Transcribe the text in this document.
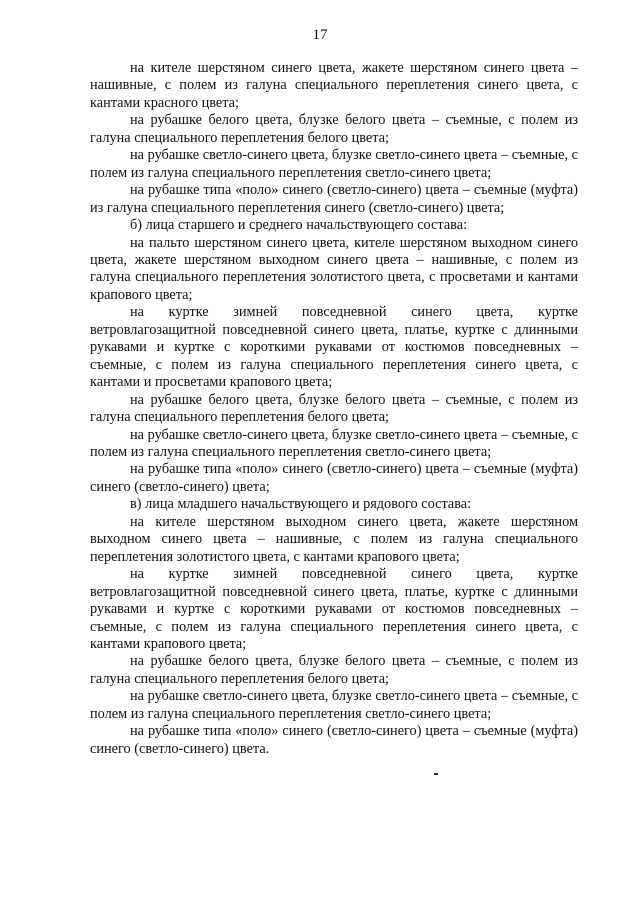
17

на кителе шерстяном синего цвета, жакете шерстяном синего цвета – нашивные, с полем из галуна специального переплетения синего цвета, с кантами красного цвета;

на рубашке белого цвета, блузке белого цвета – съемные, с полем из галуна специального переплетения белого цвета;

на рубашке светло-синего цвета, блузке светло-синего цвета – съемные, с полем из галуна специального переплетения светло-синего цвета;

на рубашке типа «поло» синего (светло-синего) цвета – съемные (муфта) из галуна специального переплетения синего (светло-синего) цвета;

б) лица старшего и среднего начальствующего состава:

на пальто шерстяном синего цвета, кителе шерстяном выходном синего цвета, жакете шерстяном выходном синего цвета – нашивные, с полем из галуна специального переплетения золотистого цвета, с просветами и кантами крапового цвета;

на куртке зимней повседневной синего цвета, куртке ветровлагозащитной повседневной синего цвета, платье, куртке с длинными рукавами и куртке с короткими рукавами от костюмов повседневных – съемные, с полем из галуна специального переплетения синего цвета, с кантами и просветами крапового цвета;

на рубашке белого цвета, блузке белого цвета – съемные, с полем из галуна специального переплетения белого цвета;

на рубашке светло-синего цвета, блузке светло-синего цвета – съемные, с полем из галуна специального переплетения светло-синего цвета;

на рубашке типа «поло» синего (светло-синего) цвета – съемные (муфта) синего (светло-синего) цвета;

в) лица младшего начальствующего и рядового состава:

на кителе шерстяном выходном синего цвета, жакете шерстяном выходном синего цвета – нашивные, с полем из галуна специального переплетения золотистого цвета, с кантами крапового цвета;

на куртке зимней повседневной синего цвета, куртке ветровлагозащитной повседневной синего цвета, платье, куртке с длинными рукавами и куртке с короткими рукавами от костюмов повседневных – съемные, с полем из галуна специального переплетения синего цвета, с кантами крапового цвета;

на рубашке белого цвета, блузке белого цвета – съемные, с полем из галуна специального переплетения белого цвета;

на рубашке светло-синего цвета, блузке светло-синего цвета – съемные, с полем из галуна специального переплетения светло-синего цвета;

на рубашке типа «поло» синего (светло-синего) цвета – съемные (муфта) синего (светло-синего) цвета.
